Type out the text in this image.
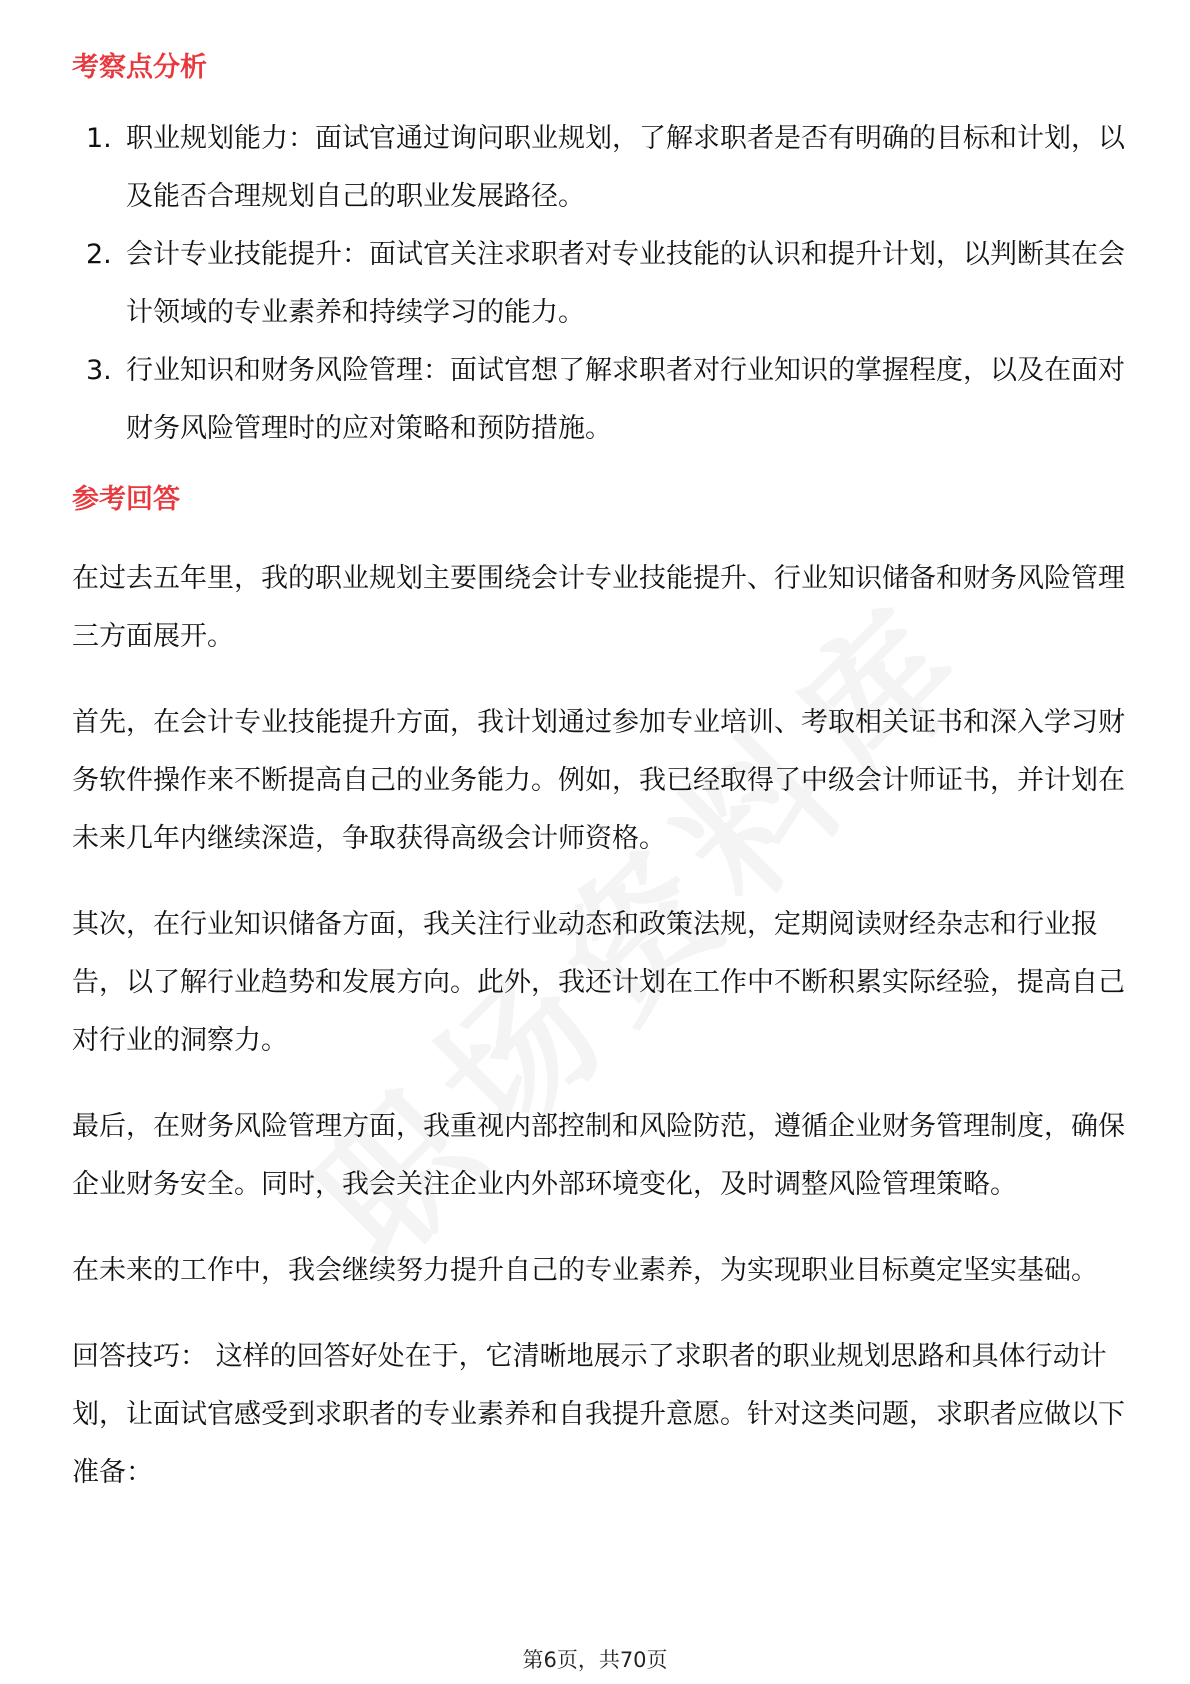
考察点分析
1. 职业规划能力：面试官通过询问职业规划，了解求职者是否有明确的目标和计划，以及能否合理规划自己的职业发展路径。
2. 会计专业技能提升：面试官关注求职者对专业技能的认识和提升计划，以判断其在会计领域的专业素养和持续学习的能力。
3. 行业知识和财务风险管理：面试官想了解求职者对行业知识的掌握程度，以及在面对财务风险管理时的应对策略和预防措施。
参考回答

在过去五年里，我的职业规划主要围绕会计专业技能提升、行业知识储备和财务风险管理三方面展开。

首先，在会计专业技能提升方面，我计划通过参加专业培训、考取相关证书和深入学习财务软件操作来不断提高自己的业务能力。例如，我已经取得了中级会计师证书，并计划在未来几年内继续深造，争取获得高级会计师资格。

其次，在行业知识储备方面，我关注行业动态和政策法规，定期阅读财经杂志和行业报告，以了解行业趋势和发展方向。此外，我还计划在工作中不断积累实际经验，提高自己对行业的洞察力。

最后，在财务风险管理方面，我重视内部控制和风险防范，遵循企业财务管理制度，确保企业财务安全。同时，我会关注企业内外部环境变化，及时调整风险管理策略。

在未来的工作中，我会继续努力提升自己的专业素养，为实现职业目标奠定坚实基础。

回答技巧： 这样的回答好处在于，它清晰地展示了求职者的职业规划思路和具体行动计划，让面试官感受到求职者的专业素养和自我提升意愿。针对这类问题，求职者应做以下准备：

第6页，共70页
